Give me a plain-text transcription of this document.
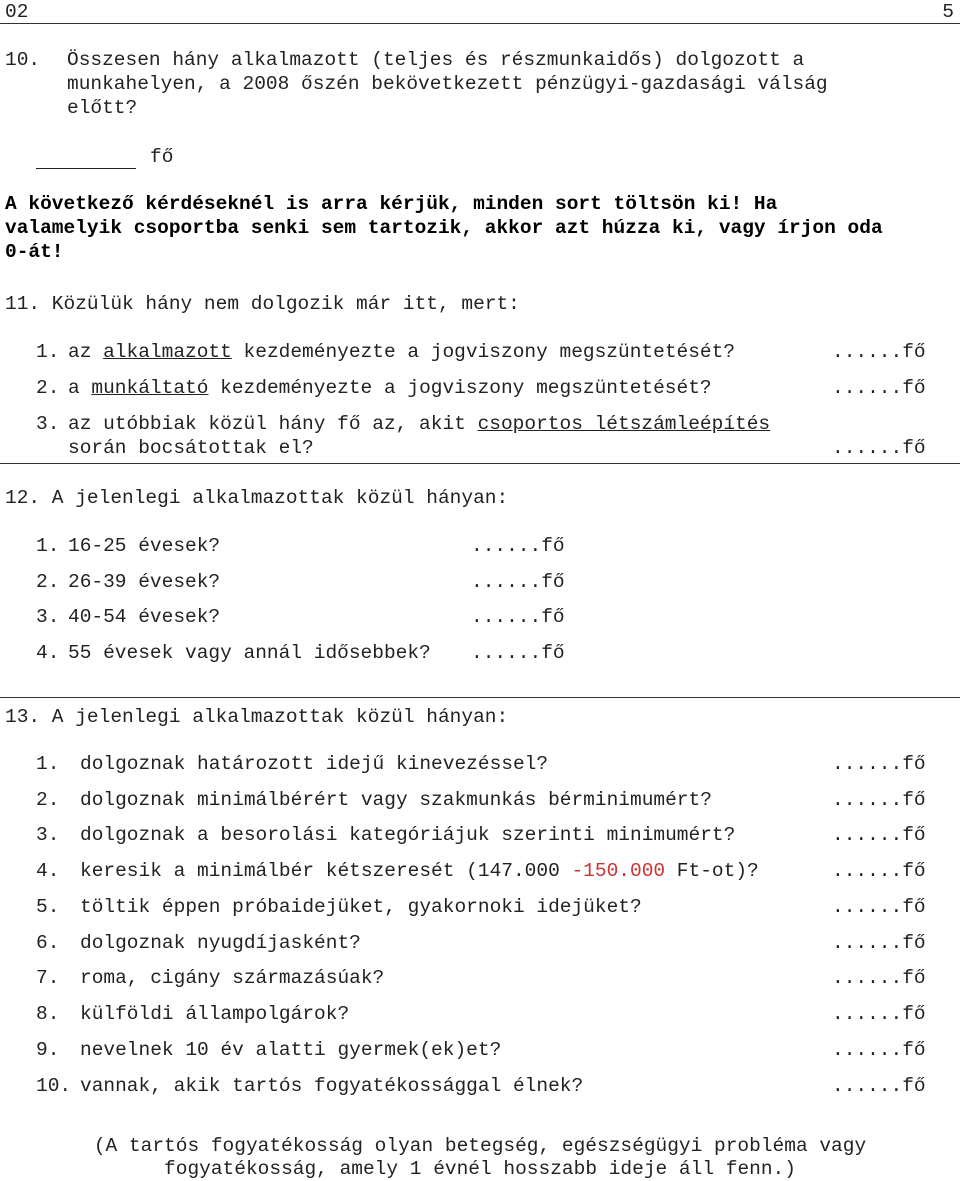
02	5
10. Összesen hány alkalmazott (teljes és részmunkaidős) dolgozott a
munkahelyen, a 2008 őszén bekövetkezett pénzügyi-gazdasági válság
előtt?
fő
A következő kérdéseknél is arra kérjük, minden sort töltsön ki! Ha
valamelyik csoportba senki sem tartozik, akkor azt húzza ki, vagy írjon oda
0-át!
11. Közülük hány nem dolgozik már itt, mert:
1. az alkalmazott kezdeményezte a jogviszony megszüntetését?	......fő
2. a munkáltató kezdeményezte a jogviszony megszüntetését?	......fő
3. az utóbbiak közül hány fő az, akit csoportos létszámleépítés
során bocsátottak el?	......fő
12. A jelenlegi alkalmazottak közül hányan:
1. 16-25 évesek?	......fő
2. 26-39 évesek?	......fő
3. 40-54 évesek?	......fő
4. 55 évesek vagy annál idősebbek? ......fő
13. A jelenlegi alkalmazottak közül hányan:
1. dolgoznak határozott idejű kinevezéssel?	......fő
2. dolgoznak minimálbérért vagy szakmunkás bérminimumért?	......fő
3. dolgoznak a besorolási kategóriájuk szerinti minimumért?	......fő
4. keresik a minimálbér kétszeresét (147.000 -150.000 Ft-ot)?	......fő
5. töltik éppen próbaidejüket, gyakornoki idejüket?	......fő
6. dolgoznak nyugdíjasként?	......fő
7. roma, cigány származásúak?	......fő
8. külföldi állampolgárok?	......fő
9. nevelnek 10 év alatti gyermek(ek)et?	......fő
10. vannak, akik tartós fogyatékossággal élnek?	......fő
(A tartós fogyatékosság olyan betegség, egészségügyi probléma vagy
fogyatékosság, amely 1 évnél hosszabb ideje áll fenn.)
